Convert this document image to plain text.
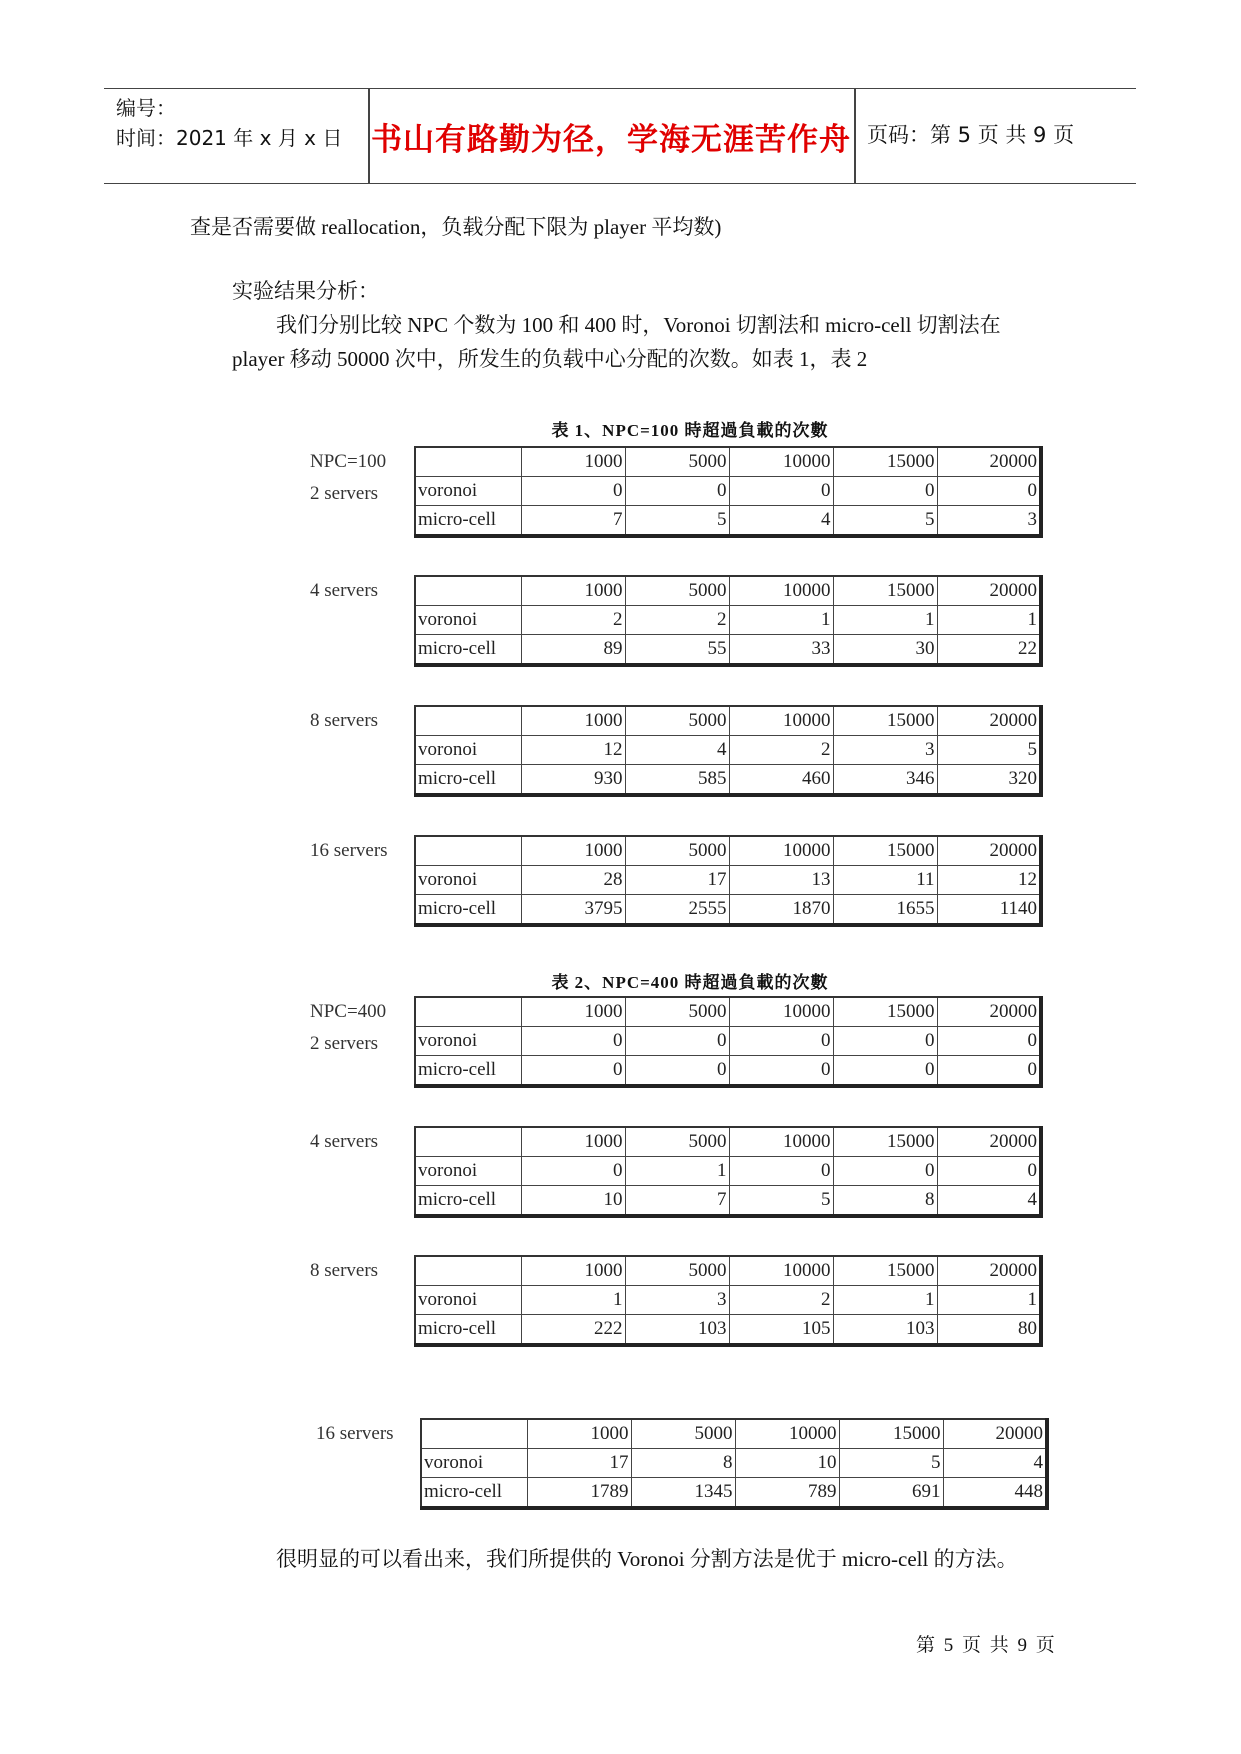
编号：
时间：2021 年 x 月 x 日 书山有路勤为径，学海无涯苦作舟 页码：第 5 页 共 9 页
查是否需要做 reallocation，负载分配下限为 player 平均数)
实验结果分析：
我们分别比较 NPC 个数为 100 和 400 时，Voronoi 切割法和 micro-cell 切割法在
player 移动 50000 次中，所发生的负载中心分配的次数。如表 1，表 2
表 1、NPC=100 時超過負載的次數
表 2、NPC=400 時超過負載的次數
NPC=100
2 servers
	1000	5000	10000	15000	20000
voronoi	0	0	0	0	0
micro-cell	7	5	4	5	3
4 servers
		1000	5000	10000	15000	20000
voronoi	2	2	1	1	1
micro-cell	89	55	33	30	22
8 servers
		1000	5000	10000	15000	20000
voronoi	12	4	2	3	5
micro-cell	930	585	460	346	320
16 servers
		1000	5000	10000	15000	20000
voronoi	28	17	13	11	12
micro-cell	3795	2555	1870	1655	1140
NPC=400
2 servers
	1000	5000	10000	15000	20000
voronoi	0	0	0	0	0
micro-cell	0	0	0	0	0
4 servers
		1000	5000	10000	15000	20000
voronoi	0	1	0	0	0
micro-cell	10	7	5	8	4
8 servers
		1000	5000	10000	15000	20000
voronoi	1	3	2	1	1
micro-cell	222	103	105	103	80
16 servers
		1000	5000	10000	15000	20000
voronoi	17	8	10	5	4
micro-cell	1789	1345	789	691	448
很明显的可以看出来，我们所提供的 Voronoi 分割方法是优于 micro-cell 的方法。
第 5 页 共 9 页
